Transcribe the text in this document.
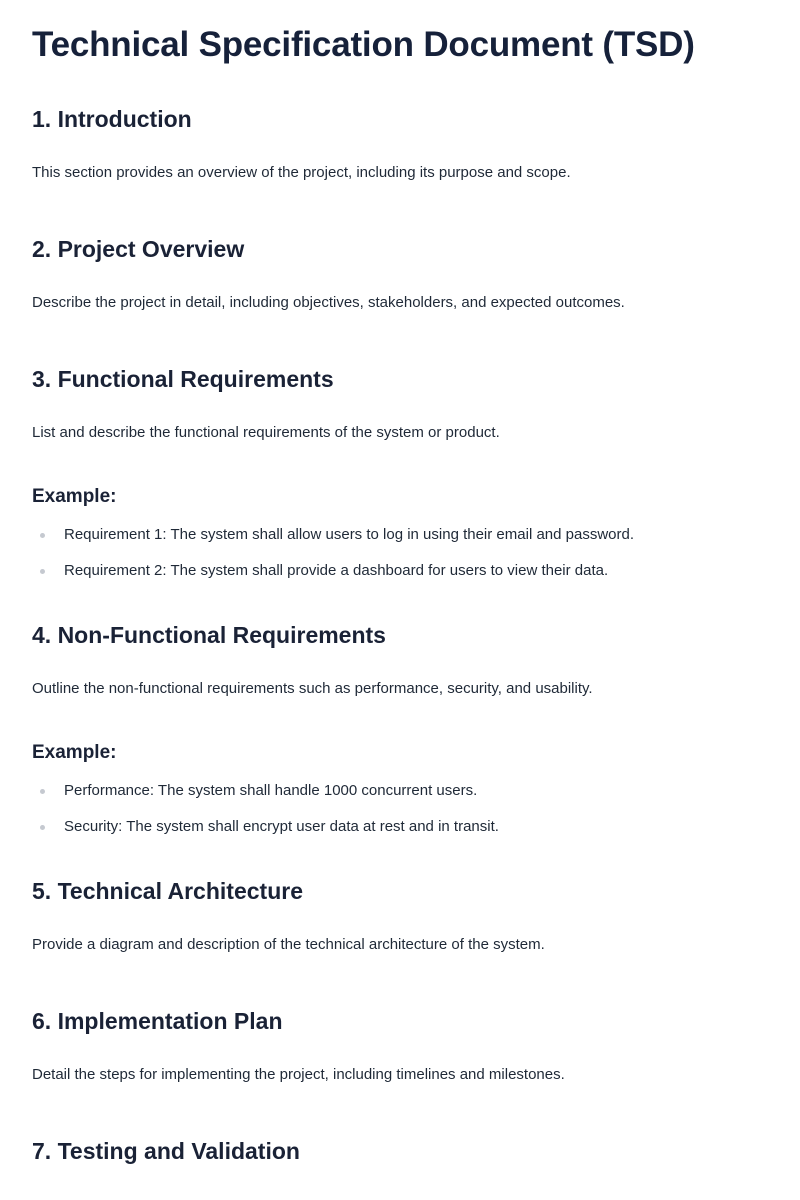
Technical Specification Document (TSD)
1. Introduction

This section provides an overview of the project, including its purpose and scope.

2. Project Overview

Describe the project in detail, including objectives, stakeholders, and expected outcomes.

3. Functional Requirements

List and describe the functional requirements of the system or product.

Example:
Requirement 1: The system shall allow users to log in using their email and password.
Requirement 2: The system shall provide a dashboard for users to view their data.
4. Non-Functional Requirements

Outline the non-functional requirements such as performance, security, and usability.

Example:
Performance: The system shall handle 1000 concurrent users.
Security: The system shall encrypt user data at rest and in transit.
5. Technical Architecture

Provide a diagram and description of the technical architecture of the system.

6. Implementation Plan

Detail the steps for implementing the project, including timelines and milestones.

7. Testing and Validation
